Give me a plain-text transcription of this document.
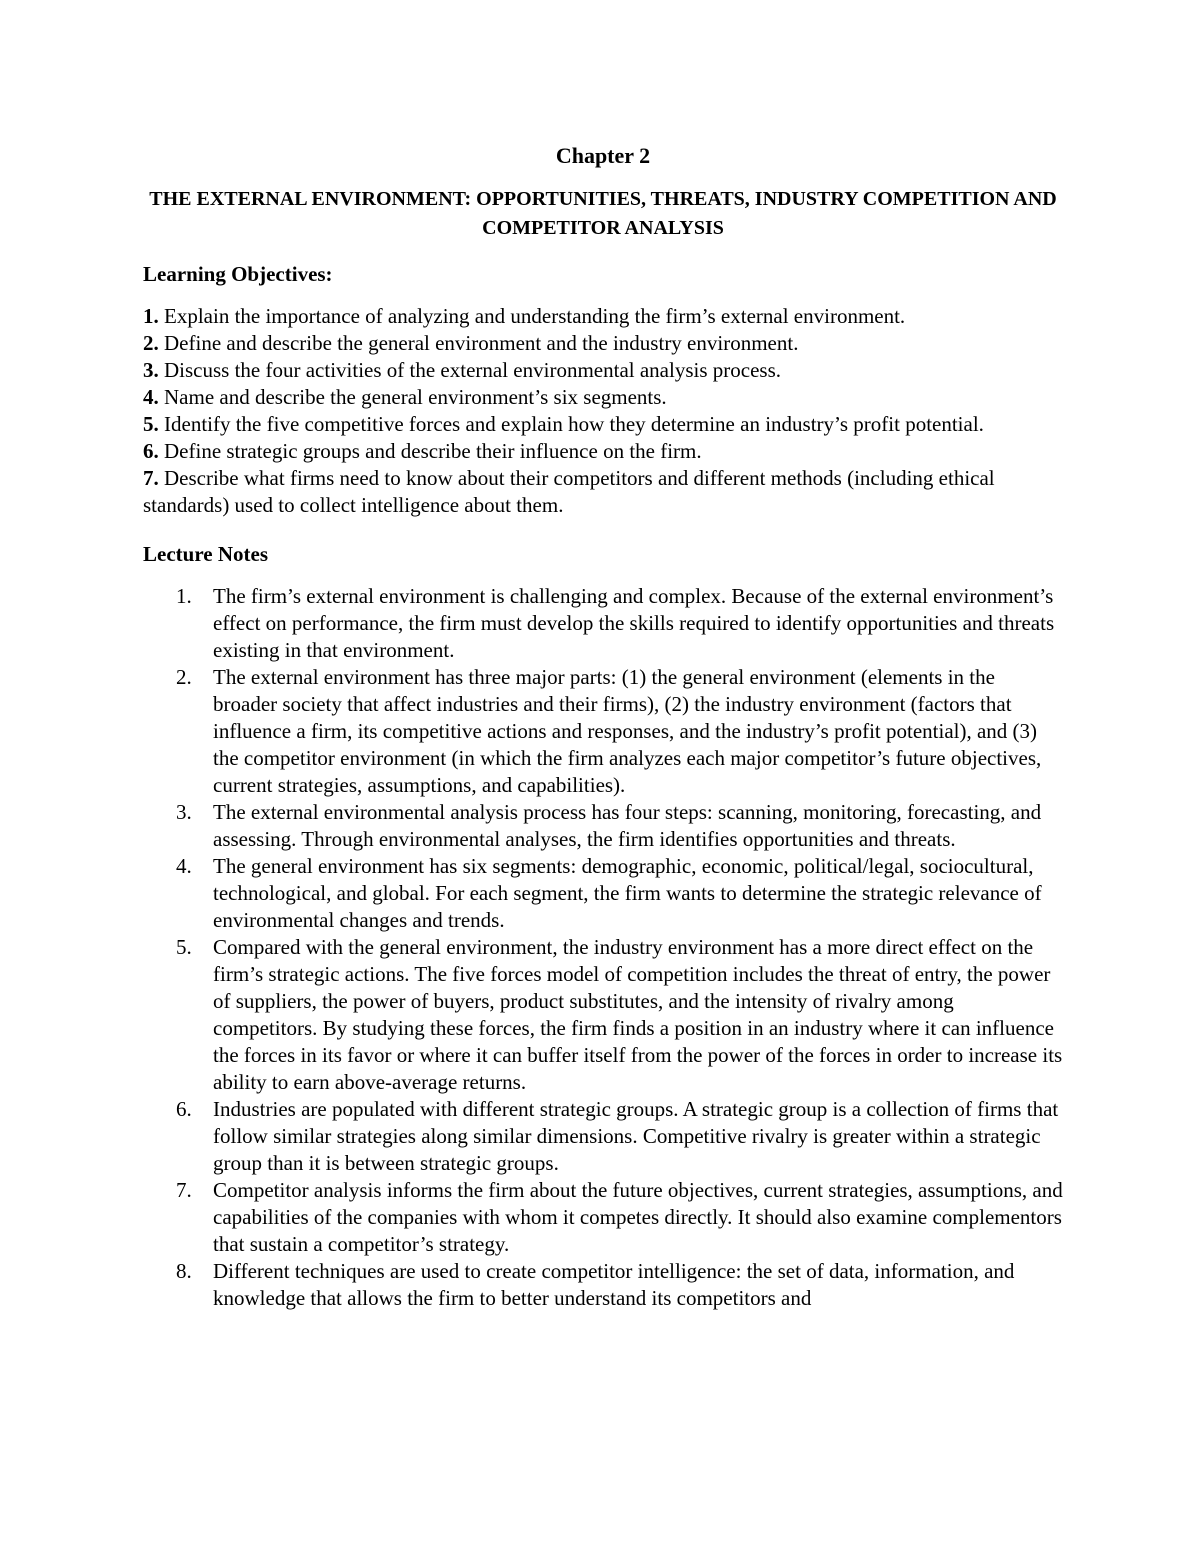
Chapter 2
THE EXTERNAL ENVIRONMENT: OPPORTUNITIES, THREATS, INDUSTRY COMPETITION AND COMPETITOR ANALYSIS
Learning Objectives:
1. Explain the importance of analyzing and understanding the firm’s external environment.
2. Define and describe the general environment and the industry environment.
3. Discuss the four activities of the external environmental analysis process.
4. Name and describe the general environment’s six segments.
5. Identify the five competitive forces and explain how they determine an industry’s profit potential.
6. Define strategic groups and describe their influence on the firm.
7. Describe what firms need to know about their competitors and different methods (including ethical standards) used to collect intelligence about them.
Lecture Notes
1. The firm’s external environment is challenging and complex. Because of the external environment’s effect on performance, the firm must develop the skills required to identify opportunities and threats existing in that environment.
2. The external environment has three major parts: (1) the general environment (elements in the broader society that affect industries and their firms), (2) the industry environment (factors that influence a firm, its competitive actions and responses, and the industry’s profit potential), and (3) the competitor environment (in which the firm analyzes each major competitor’s future objectives, current strategies, assumptions, and capabilities).
3. The external environmental analysis process has four steps: scanning, monitoring, forecasting, and assessing. Through environmental analyses, the firm identifies opportunities and threats.
4. The general environment has six segments: demographic, economic, political/legal, sociocultural, technological, and global. For each segment, the firm wants to determine the strategic relevance of environmental changes and trends.
5. Compared with the general environment, the industry environment has a more direct effect on the firm’s strategic actions. The five forces model of competition includes the threat of entry, the power of suppliers, the power of buyers, product substitutes, and the intensity of rivalry among competitors. By studying these forces, the firm finds a position in an industry where it can influence the forces in its favor or where it can buffer itself from the power of the forces in order to increase its ability to earn above-average returns.
6. Industries are populated with different strategic groups. A strategic group is a collection of firms that follow similar strategies along similar dimensions. Competitive rivalry is greater within a strategic group than it is between strategic groups.
7. Competitor analysis informs the firm about the future objectives, current strategies, assumptions, and capabilities of the companies with whom it competes directly. It should also examine complementors that sustain a competitor’s strategy.
8. Different techniques are used to create competitor intelligence: the set of data, information, and knowledge that allows the firm to better understand its competitors and
